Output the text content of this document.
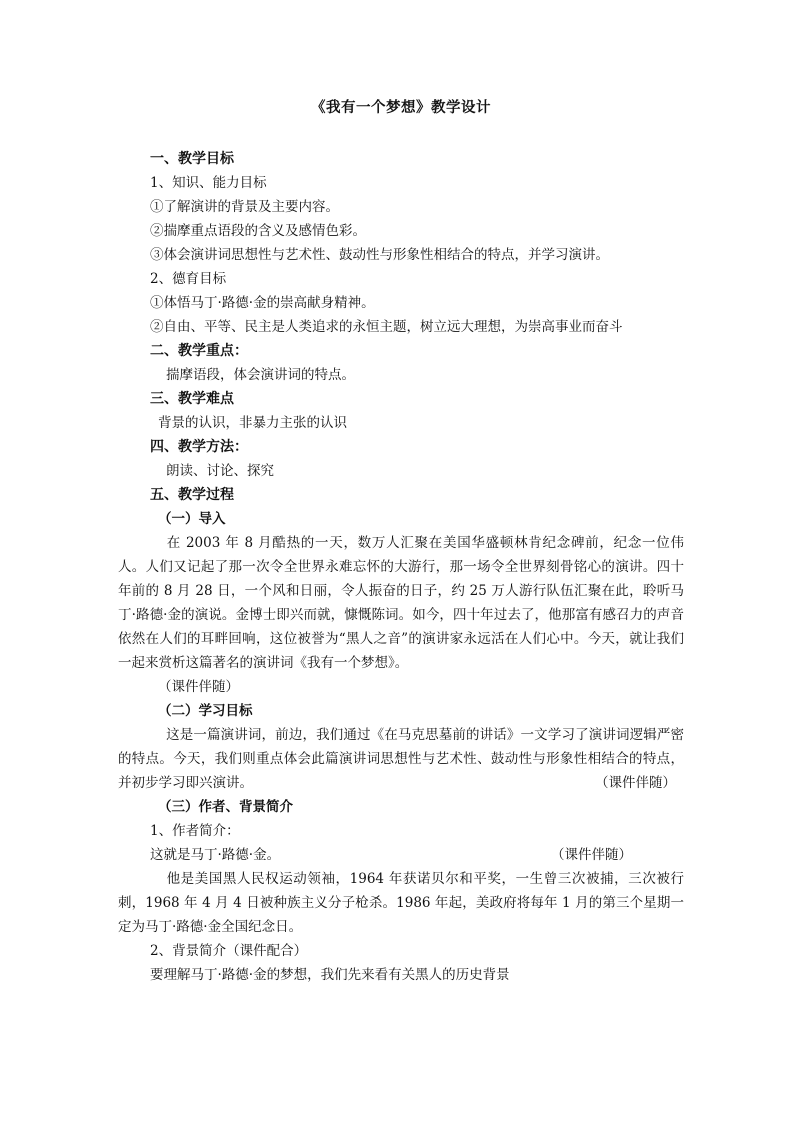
《我有一个梦想》教学设计
一、教学目标
1、知识、能力目标
①了解演讲的背景及主要内容。
②揣摩重点语段的含义及感情色彩。
③体会演讲词思想性与艺术性、鼓动性与形象性相结合的特点，并学习演讲。
2、德育目标
①体悟马丁·路德·金的崇高献身精神。
②自由、平等、民主是人类追求的永恒主题，树立远大理想，为崇高事业而奋斗
二、教学重点：
揣摩语段，体会演讲词的特点。
三、教学难点
背景的认识，非暴力主张的认识
四、教学方法：
朗读、讨论、探究
五、教学过程
（一）导入
在 2003 年 8 月酷热的一天，数万人汇聚在美国华盛顿林肯纪念碑前，纪念一位伟人。人们又记起了那一次令全世界永难忘怀的大游行，那一场令全世界刻骨铭心的演讲。四十年前的 8 月 28 日，一个风和日丽，令人振奋的日子，约 25 万人游行队伍汇聚在此，聆听马丁·路德·金的演说。金博士即兴而就，慷慨陈词。如今，四十年过去了，他那富有感召力的声音依然在人们的耳畔回响，这位被誉为“黑人之音”的演讲家永远活在人们心中。今天，就让我们一起来赏析这篇著名的演讲词《我有一个梦想》。
（课件伴随）
（二）学习目标
这是一篇演讲词，前边，我们通过《在马克思墓前的讲话》一文学习了演讲词逻辑严密的特点。今天，我们则重点体会此篇演讲词思想性与艺术性、鼓动性与形象性相结合的特点，并初步学习即兴演讲。	（课件伴随）
（三）作者、背景简介
1、作者简介：
这就是马丁·路德·金。	（课件伴随）
他是美国黑人民权运动领袖，1964 年获诺贝尔和平奖，一生曾三次被捕，三次被行刺，1968 年 4 月 4 日被种族主义分子枪杀。1986 年起，美政府将每年 1 月的第三个星期一定为马丁·路德·金全国纪念日。
2、背景简介（课件配合）
要理解马丁·路德·金的梦想，我们先来看有关黑人的历史背景
